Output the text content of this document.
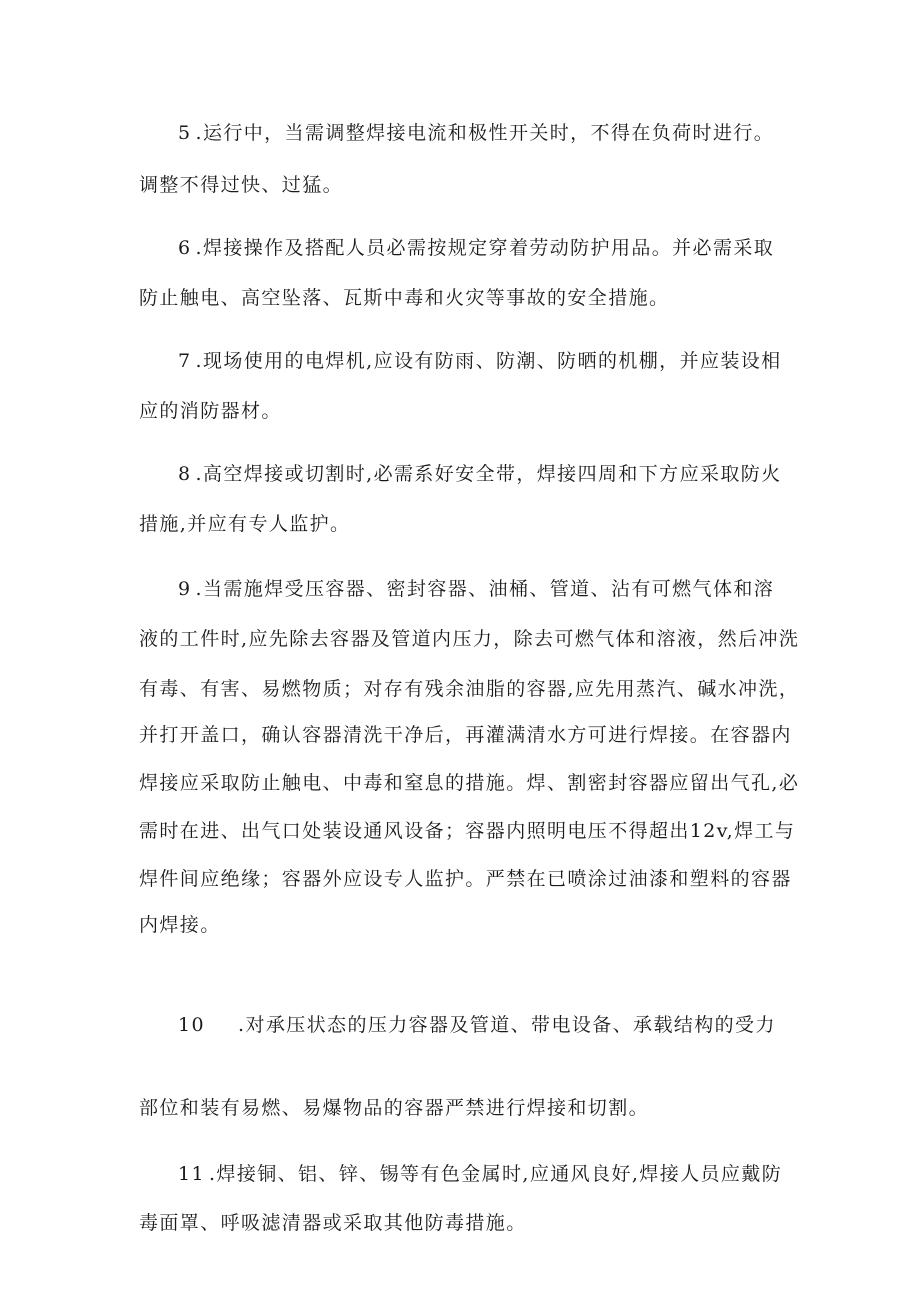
5 .运行中，当需调整焊接电流和极性开关时，不得在负荷时进行。
调整不得过快、过猛。
6 .焊接操作及搭配人员必需按规定穿着劳动防护用品。并必需采取
防止触电、高空坠落、瓦斯中毒和火灾等事故的安全措施。
7 .现场使用的电焊机,应设有防雨、防潮、防晒的机棚，并应装设相
应的消防器材。
8 .高空焊接或切割时,必需系好安全带，焊接四周和下方应采取防火
措施,并应有专人监护。
9 .当需施焊受压容器、密封容器、油桶、管道、沾有可燃气体和溶
液的工件时,应先除去容器及管道内压力，除去可燃气体和溶液，然后冲洗
有毒、有害、易燃物质；对存有残余油脂的容器,应先用蒸汽、碱水冲洗，
并打开盖口，确认容器清洗干净后，再灌满清水方可进行焊接。在容器内
焊接应采取防止触电、中毒和窒息的措施。焊、割密封容器应留出气孔,必
需时在进、出气口处装设通风设备；容器内照明电压不得超出12v,焊工与
焊件间应绝缘；容器外应设专人监护。严禁在已喷涂过油漆和塑料的容器
内焊接。
10 .对承压状态的压力容器及管道、带电设备、承载结构的受力
部位和装有易燃、易爆物品的容器严禁进行焊接和切割。
11 .焊接铜、铝、锌、锡等有色金属时,应通风良好,焊接人员应戴防
毒面罩、呼吸滤清器或采取其他防毒措施。
